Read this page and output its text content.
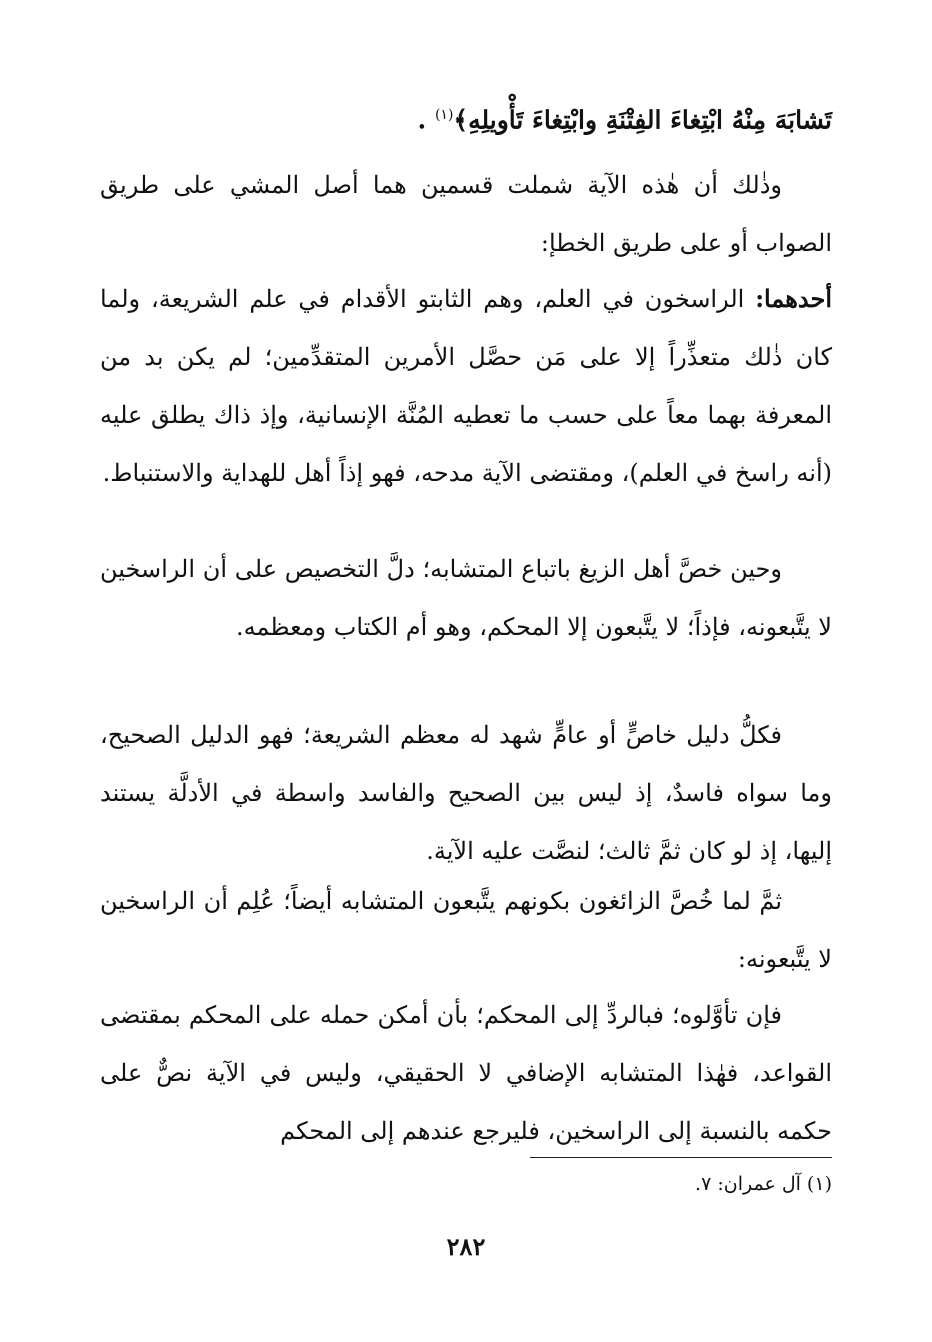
تَشابَهَ مِنْهُ ابْتِغاءَ الفِتْنَةِ وابْتِغاءَ تَأْويلِهِ﴾$^{(١)}$ .

وذٰلك أن هٰذه الآية شملت قسمين هما أصل المشي على طريق الصواب أو على طريق الخطإ:

أحدهما: الراسخون في العلم، وهم الثابتو الأقدام في علم الشريعة، ولما كان ذٰلك متعذِّراً إلا على مَن حصَّل الأمرين المتقدِّمين؛ لم يكن بد من المعرفة بهما معاً على حسب ما تعطيه المُنَّة الإنسانية، وإذ ذاك يطلق عليه (أنه راسخ في العلم)، ومقتضى الآية مدحه، فهو إذاً أهل للهداية والاستنباط.

وحين خصَّ أهل الزيغ باتباع المتشابه؛ دلَّ التخصيص على أن الراسخين لا يتَّبعونه، فإذاً؛ لا يتَّبعون إلا المحكم، وهو أم الكتاب ومعظمه.

فكلُّ دليل خاصٍّ أو عامٍّ شهد له معظم الشريعة؛ فهو الدليل الصحيح، وما سواه فاسدٌ، إذ ليس بين الصحيح والفاسد واسطة في الأدلَّة يستند إليها، إذ لو كان ثمَّ ثالث؛ لنصَّت عليه الآية.

ثمَّ لما خُصَّ الزائغون بكونهم يتَّبعون المتشابه أيضاً؛ عُلِم أن الراسخين لا يتَّبعونه:

فإن تأوَّلوه؛ فبالردِّ إلى المحكم؛ بأن أمكن حمله على المحكم بمقتضى القواعد، فهٰذا المتشابه الإضافي لا الحقيقي، وليس في الآية نصٌّ على حكمه بالنسبة إلى الراسخين، فليرجع عندهم إلى المحكم

(١) آل عمران: ٧.
٢٨٢
